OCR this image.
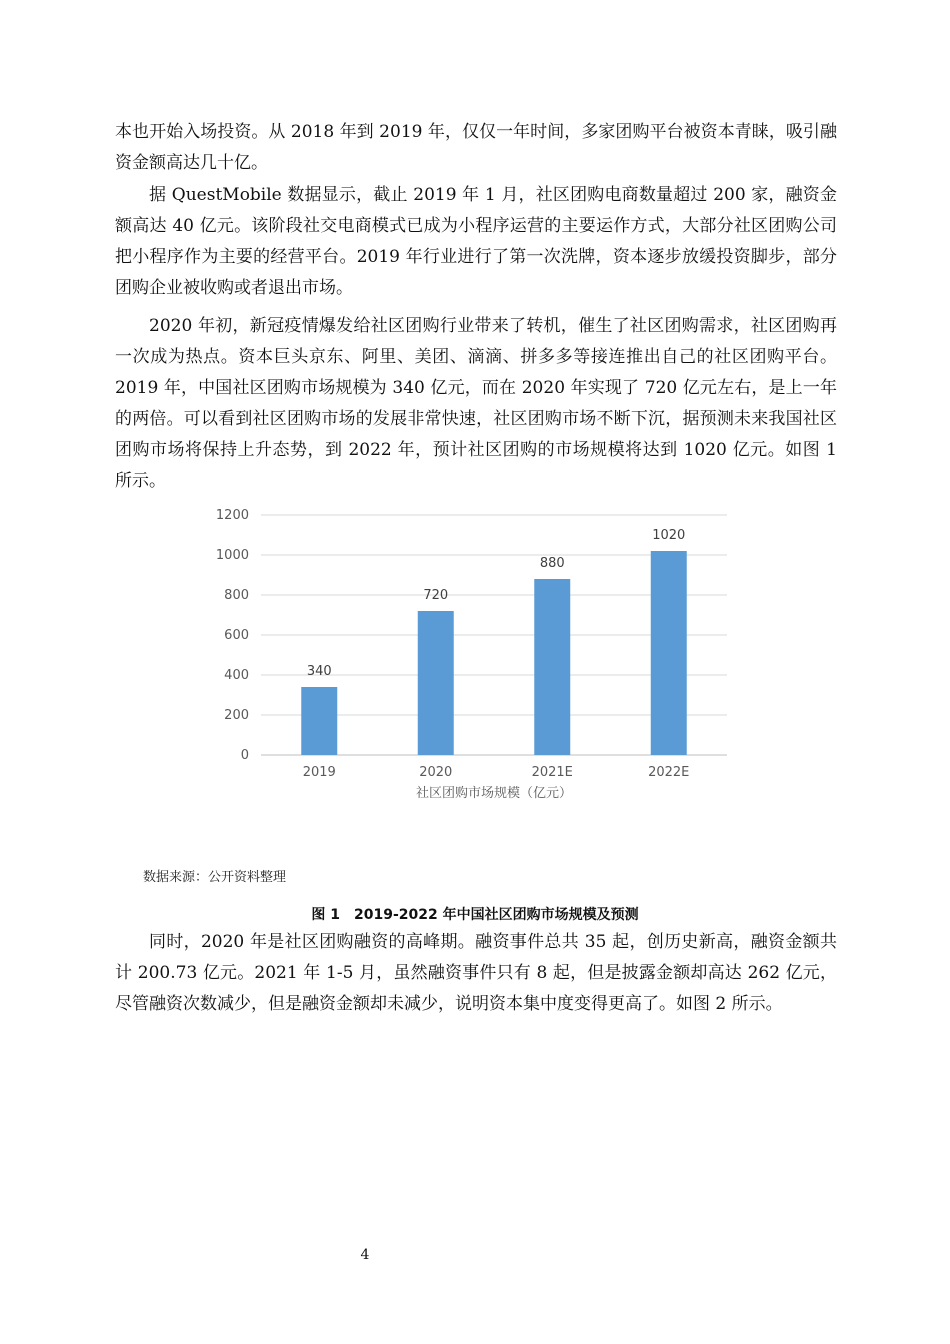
本也开始入场投资。从 2018 年到 2019 年，仅仅一年时间，多家团购平台被资本青睐，吸引融资金额高达几十亿。

据 QuestMobile 数据显示，截止 2019 年 1 月，社区团购电商数量超过 200 家，融资金额高达 40 亿元。该阶段社交电商模式已成为小程序运营的主要运作方式，大部分社区团购公司把小程序作为主要的经营平台。2019 年行业进行了第一次洗牌，资本逐步放缓投资脚步，部分团购企业被收购或者退出市场。

2020 年初，新冠疫情爆发给社区团购行业带来了转机，催生了社区团购需求，社区团购再一次成为热点。资本巨头京东、阿里、美团、滴滴、拼多多等接连推出自己的社区团购平台。2019 年，中国社区团购市场规模为 340 亿元，而在 2020 年实现了 720 亿元左右，是上一年的两倍。可以看到社区团购市场的发展非常快速，社区团购市场不断下沉，据预测未来我国社区团购市场将保持上升态势，到 2022 年，预计社区团购的市场规模将达到 1020 亿元。如图 1 所示。

0
200
400
600
800
1000
1200
340
2019
720
2020
880
2021E
1020
2022E
社区团购市场规模（亿元）
数据来源：公开资料整理
图 1　2019-2022 年中国社区团购市场规模及预测

同时，2020 年是社区团购融资的高峰期。融资事件总共 35 起，创历史新高，融资金额共计 200.73 亿元。2021 年 1-5 月，虽然融资事件只有 8 起，但是披露金额却高达 262 亿元，尽管融资次数减少，但是融资金额却未减少，说明资本集中度变得更高了。如图 2 所示。

4
